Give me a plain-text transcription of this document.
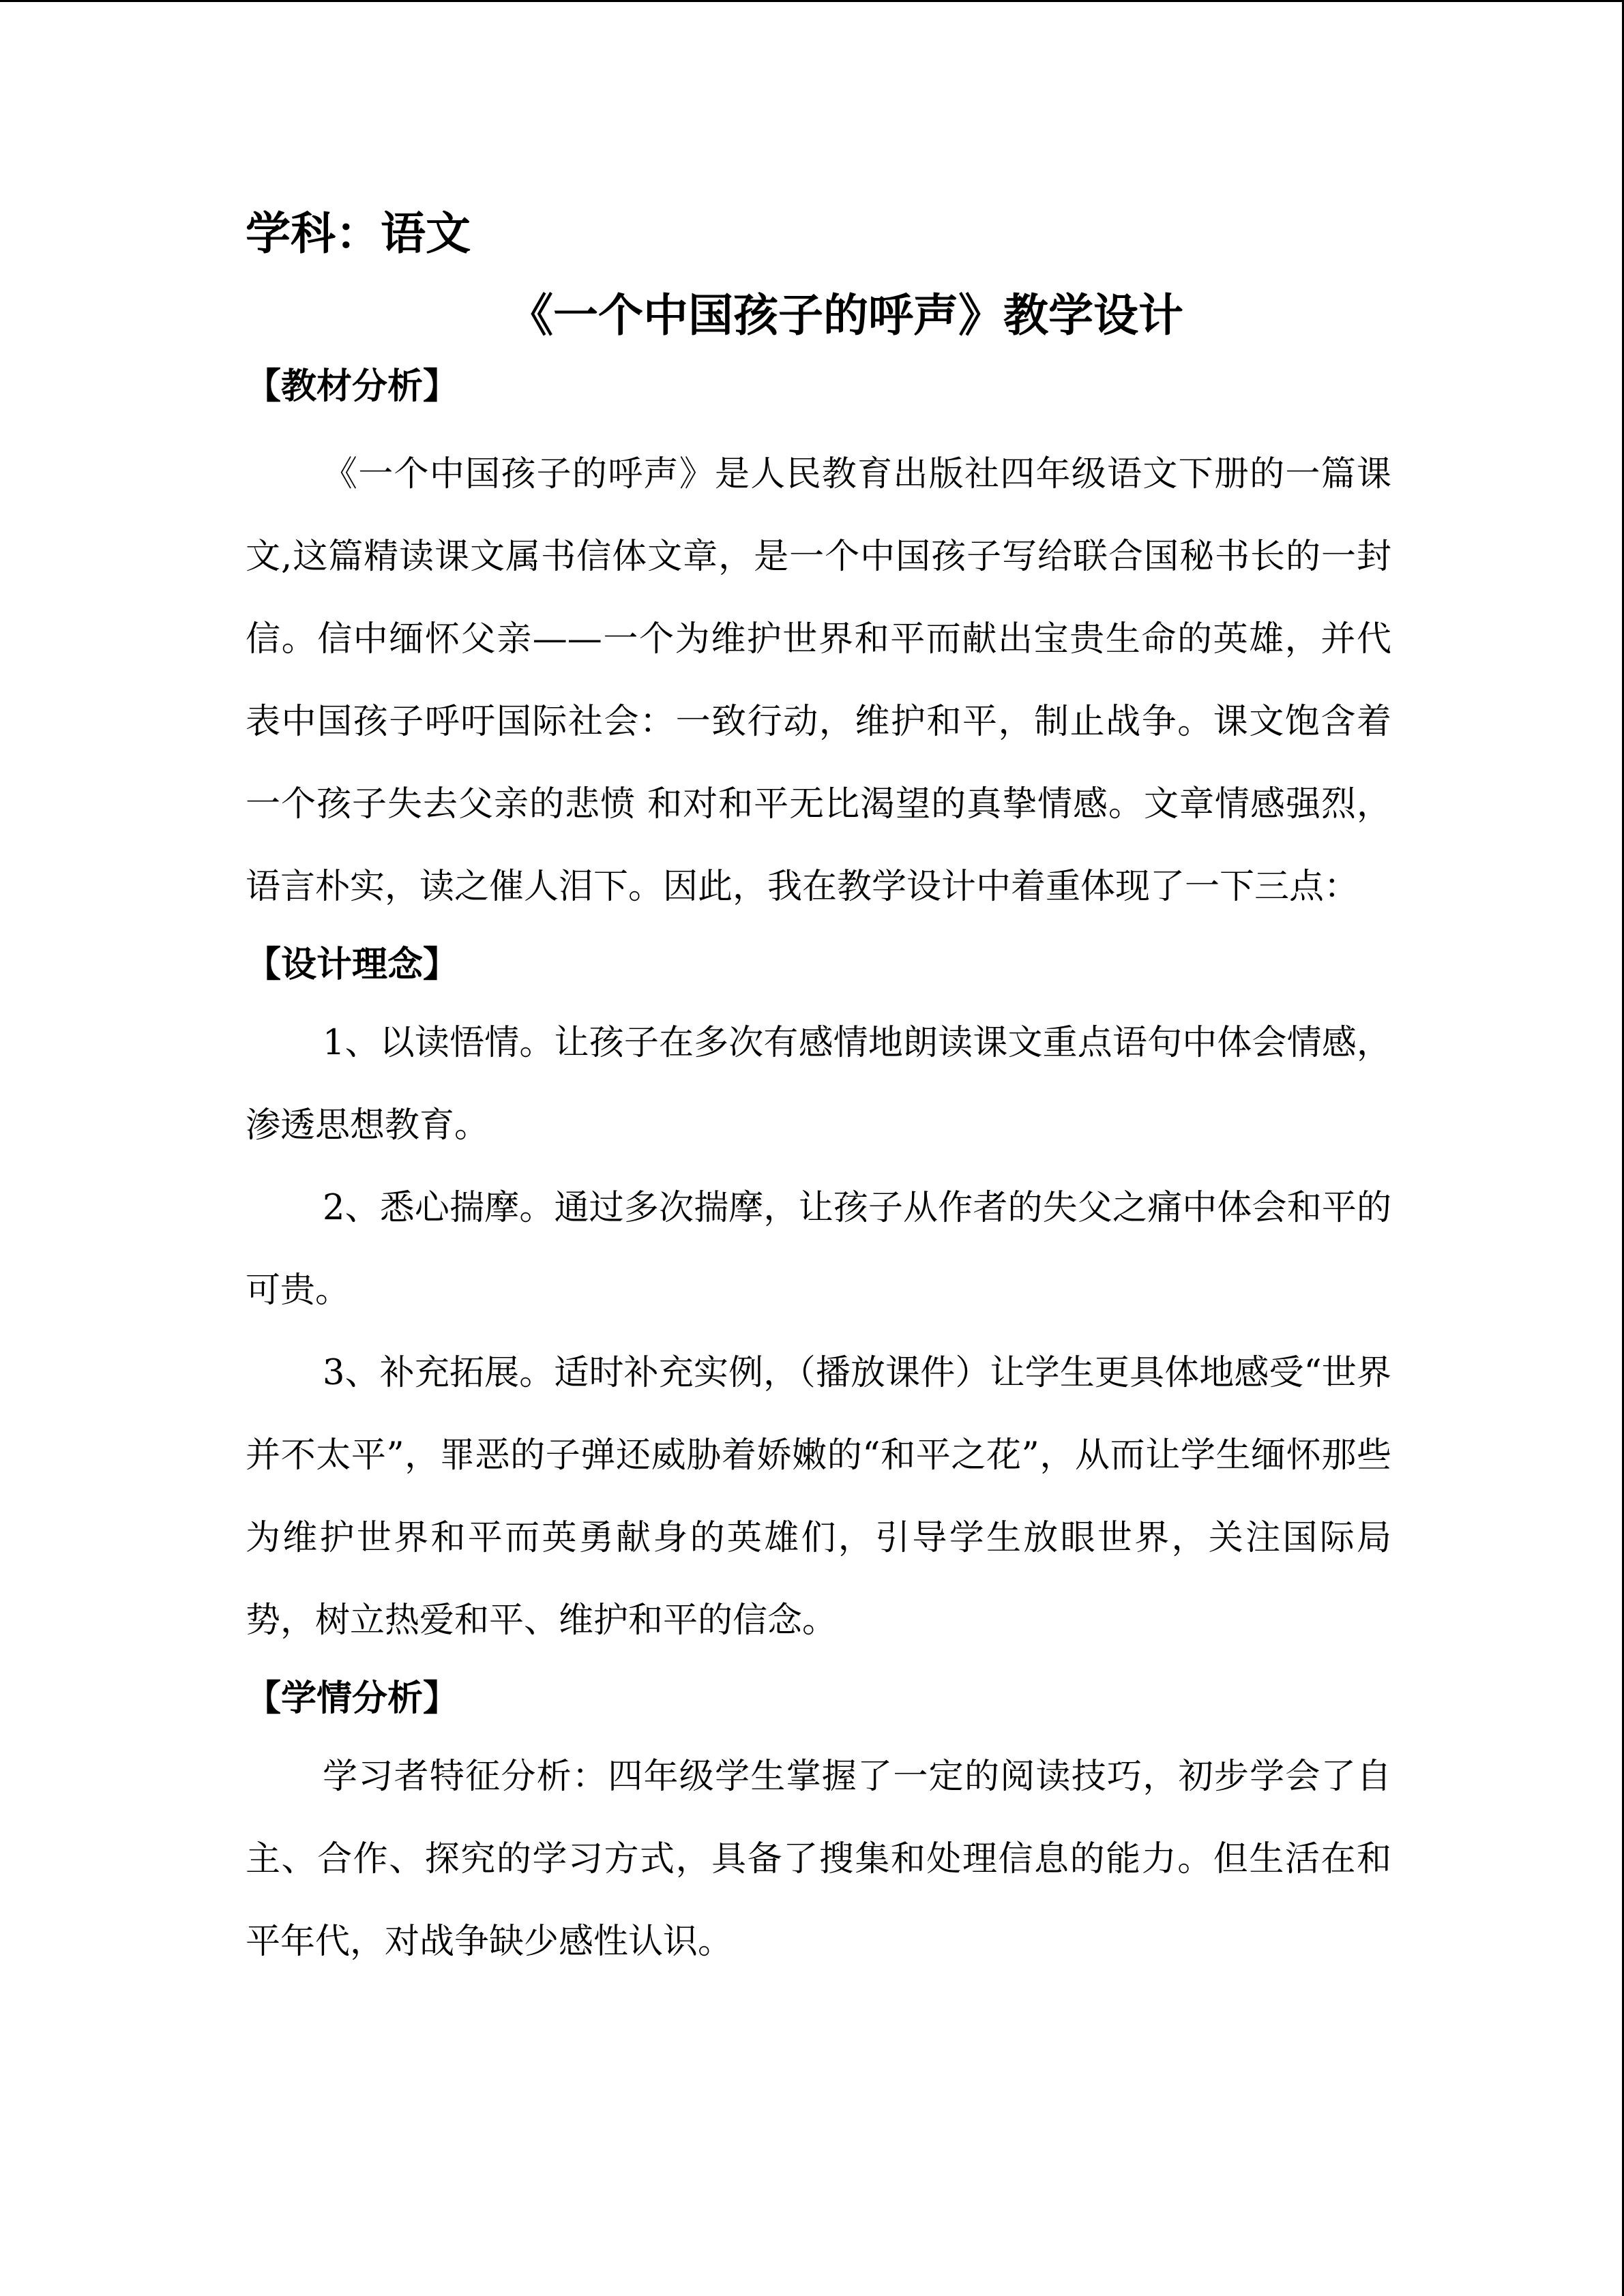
学科：语文
《一个中国孩子的呼声》教学设计
【教材分析】

《一个中国孩子的呼声》是人民教育出版社四年级语文下册的一篇课文,这篇精读课文属书信体文章，是一个中国孩子写给联合国秘书长的一封信。信中缅怀父亲——一个为维护世界和平而献出宝贵生命的英雄，并代表中国孩子呼吁国际社会：一致行动，维护和平，制止战争。课文饱含着一个孩子失去父亲的悲愤 和对和平无比渴望的真挚情感。文章情感强烈，语言朴实，读之催人泪下。因此，我在教学设计中着重体现了一下三点：

【设计理念】

1、以读悟情。让孩子在多次有感情地朗读课文重点语句中体会情感，渗透思想教育。

2、悉心揣摩。通过多次揣摩，让孩子从作者的失父之痛中体会和平的可贵。

3、补充拓展。适时补充实例，（播放课件）让学生更具体地感受“世界并不太平”，罪恶的子弹还威胁着娇嫩的“和平之花”，从而让学生缅怀那些为维护世界和平而英勇献身的英雄们，引导学生放眼世界，关注国际局势，树立热爱和平、维护和平的信念。

【学情分析】

学习者特征分析：四年级学生掌握了一定的阅读技巧，初步学会了自主、合作、探究的学习方式，具备了搜集和处理信息的能力。但生活在和平年代，对战争缺少感性认识。
